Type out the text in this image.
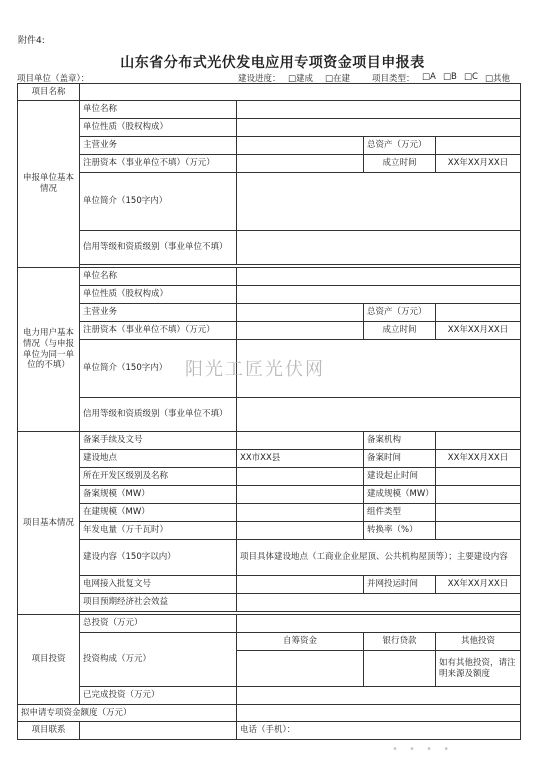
附件4:
山东省分布式光伏发电应用专项资金项目申报表
项目单位（盖章）：	建设进度： □建成 □在建	项目类型： □A □B □C □其他
项目名称				
申报单位基本情况	单位名称			
	单位性质（股权构成）			
	主营业务		总资产（万元）	
	注册资本（事业单位不填）（万元）		成立时间	XX年XX月XX日
	单位简介（150字内）			
	信用等级和资质级别（事业单位不填）			

电力用户基本情况（与申报单位为同一单位的不填）	单位名称			
	单位性质（股权构成）			
	主营业务		总资产（万元）	
	注册资本（事业单位不填）（万元）		成立时间	XX年XX月XX日
	单位简介（150字内）			
	信用等级和资质级别（事业单位不填）			
项目基本情况	备案手续及文号		备案机构	
	建设地点	XX市XX县	备案时间	XX年XX月XX日
	所在开发区级别及名称		建设起止时间	
	备案规模（MW）		建成规模（MW）	
	在建规模（MW）		组件类型	
	年发电量（万千瓦时）		转换率（%）	
	建设内容（150字以内）	项目具体建设地点（工商业企业屋顶、公共机构屋顶等）；主要建设内容		
	电网接入批复文号		并网投运时间	XX年XX月XX日
	项目预期经济社会效益			

项目投资	总投资（万元）			
	投资构成（万元）	自筹资金	银行贷款	其他投资
				如有其他投资，请注明来源及额度
	已完成投资（万元）			
拟申请专项资金额度（万元）				
项目联系		电话（手机）：		
阳光工匠光伏网
• • • •
